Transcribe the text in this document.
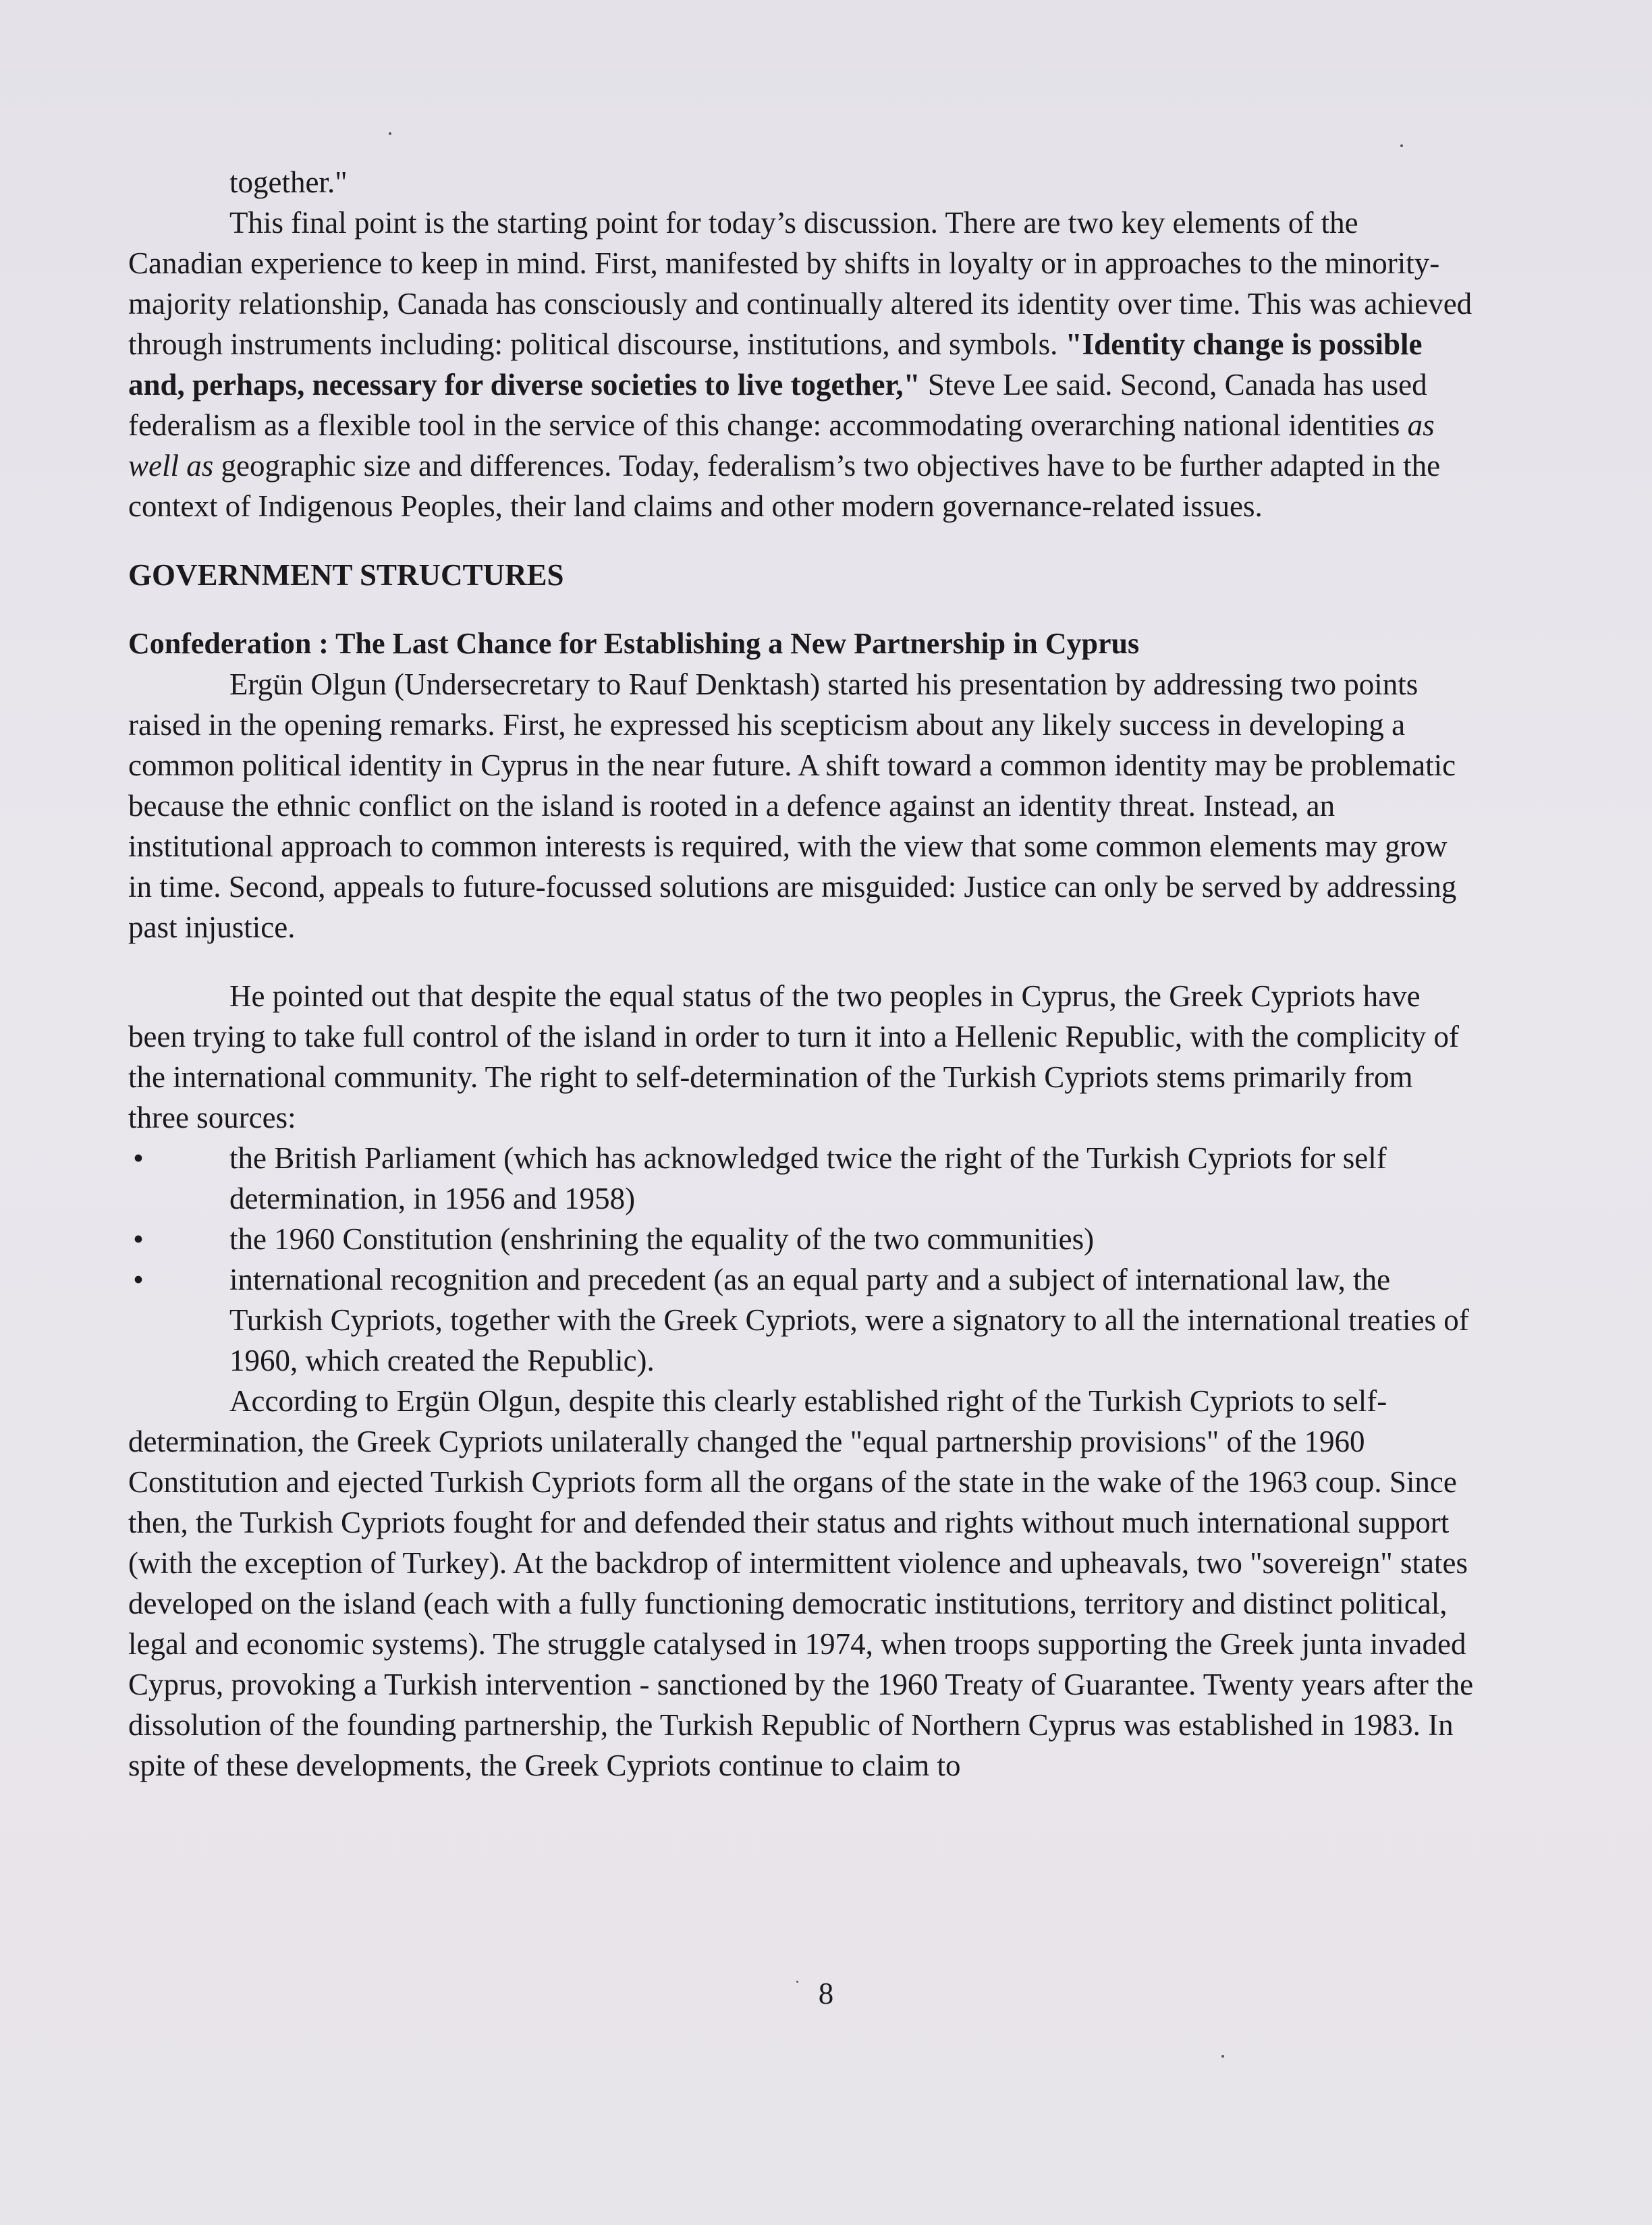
together."

This final point is the starting point for today’s discussion. There are two key elements of the Canadian experience to keep in mind. First, manifested by shifts in loyalty or in approaches to the minority-majority relationship, Canada has consciously and continually altered its identity over time. This was achieved through instruments including: political discourse, institutions, and symbols. "Identity change is possible and, perhaps, necessary for diverse societies to live together," Steve Lee said. Second, Canada has used federalism as a flexible tool in the service of this change: accommodating overarching national identities as well as geographic size and differences. Today, federalism’s two objectives have to be further adapted in the context of Indigenous Peoples, their land claims and other modern governance-related issues.

GOVERNMENT STRUCTURES

Confederation : The Last Chance for Establishing a New Partnership in Cyprus

Ergün Olgun (Undersecretary to Rauf Denktash) started his presentation by addressing two points raised in the opening remarks. First, he expressed his scepticism about any likely success in developing a common political identity in Cyprus in the near future. A shift toward a common identity may be problematic because the ethnic conflict on the island is rooted in a defence against an identity threat. Instead, an institutional approach to common interests is required, with the view that some common elements may grow in time. Second, appeals to future-focussed solutions are misguided: Justice can only be served by addressing past injustice.

He pointed out that despite the equal status of the two peoples in Cyprus, the Greek Cypriots have been trying to take full control of the island in order to turn it into a Hellenic Republic, with the complicity of the international community. The right to self-determination of the Turkish Cypriots stems primarily from three sources:

•	the British Parliament (which has acknowledged twice the right of the Turkish Cypriots for self determination, in 1956 and 1958)
•	the 1960 Constitution (enshrining the equality of the two communities)
•	international recognition and precedent (as an equal party and a subject of international law, the Turkish Cypriots, together with the Greek Cypriots, were a signatory to all the international treaties of 1960, which created the Republic).

According to Ergün Olgun, despite this clearly established right of the Turkish Cypriots to self-determination, the Greek Cypriots unilaterally changed the "equal partnership provisions" of the 1960 Constitution and ejected Turkish Cypriots form all the organs of the state in the wake of the 1963 coup. Since then, the Turkish Cypriots fought for and defended their status and rights without much international support (with the exception of Turkey). At the backdrop of intermittent violence and upheavals, two "sovereign" states developed on the island (each with a fully functioning democratic institutions, territory and distinct political, legal and economic systems). The struggle catalysed in 1974, when troops supporting the Greek junta invaded Cyprus, provoking a Turkish intervention - sanctioned by the 1960 Treaty of Guarantee. Twenty years after the dissolution of the founding partnership, the Turkish Republic of Northern Cyprus was established in 1983. In spite of these developments, the Greek Cypriots continue to claim to

8
